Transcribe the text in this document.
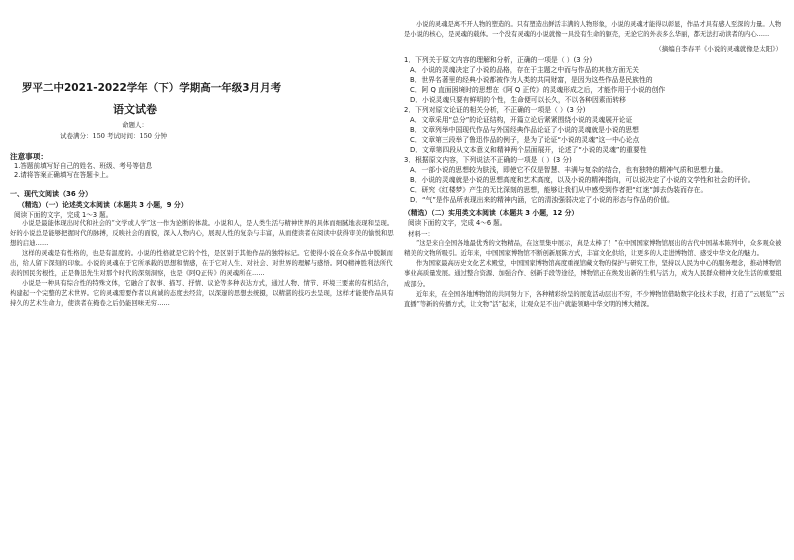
罗平二中2021-2022学年（下）学期高一年级3月月考
语文试卷
命题人：
试卷满分：150 考试时间：150 分钟
注意事项：
1.答题前填写好自己的姓名、班级、考号等信息
2.请将答案正确填写在答题卡上。
一、现代文阅读（36 分）
（精选）（一）论述类文本阅读（本题共 3 小题，9 分）
阅读下面的文字，完成 1～3 题。

小说是最能体现出时代和社会的“文学或人学”这一作为论断的体裁。小说和人，是人类生活与精神世界的具体而细腻地表现和呈现。好的小说总是能够把握时代的脉搏，反映社会的面貌，深入人物内心，展现人性的复杂与丰富，从而使读者在阅读中获得审美的愉悦和思想的启迪……

这样的灵魂是有性格的，也是有温度的。小说的性格就是它的个性，是区别于其他作品的独特标记。它使得小说在众多作品中脱颖而出，给人留下深刻的印象。小说的灵魂在于它所承载的思想和情感，在于它对人生、对社会、对世界的理解与感悟。阿Q精神胜利法所代表的国民劣根性，正是鲁迅先生对那个时代的深刻洞察，也是《阿Q正传》的灵魂所在……

小说是一种具有综合性的特殊文体，它融合了叙事、描写、抒情、议论等多种表达方式，通过人物、情节、环境三要素的有机结合，构建起一个完整的艺术世界。它的灵魂需要作者以真诚的态度去经营，以深邃的思想去统摄，以精湛的技巧去呈现，这样才能使作品具有持久的艺术生命力，使读者在掩卷之后仍能回味无穷……

小说的灵魂是离不开人物的塑造的。只有塑造出鲜活丰满的人物形象，小说的灵魂才能得以彰显，作品才具有感人至深的力量。人物是小说的核心，是灵魂的载体。一个没有灵魂的小说就像一具没有生命的躯壳，无论它的外表多么华丽，都无法打动读者的内心……

（摘编自李春平《小说的灵魂就像是太阳》）

1．下列关于原文内容的理解和分析，正确的一项是（ ）(3 分)

A．小说的灵魂决定了小说的品格，存在于主题之中而与作品的其他方面无关

B．世界名著里的经典小说都被作为人类的共同财富，是因为这些作品是民族性的

C．阿 Q 直面困境时的思想在《阿 Q 正传》的灵魂形成之后，才能作用于小说的创作

D．小说灵魂只要有鲜明的个性，生命便可以长久，不以各种因素而转移

2．下列对原文论证的相关分析，不正确的一项是（ ）(3 分)

A．文章采用“总分”的论证结构，开篇立论后紧紧围绕小说的灵魂展开论证

B．文章列举中国现代作品与外国经典作品论证了小说的灵魂就是小说的思想

C．文章第三段举了鲁迅作品的例子，是为了论证“小说的灵魂”这一中心论点

D．文章第四段从文本意义和精神两个层面展开，论述了“小说的灵魂”的重要性

3．根据原文内容，下列说法不正确的一项是（ ）(3 分)

A．一部小说的思想较为肤浅，即使它不仅是智慧、丰满与复杂的结合，也有独特的精神气质和思想力量。

B．小说的灵魂就是小说的思想高度和艺术高度，以及小说的精神指向，可以说决定了小说的文学性和社会的评价。

C．研究《红楼梦》产生的无比深刻的思想，能够让我们从中感受到作者把“红迷”卸去伪装而存在。

D．“气”是作品所表现出来的精神内涵，它的清浊强弱决定了小说的形态与作品的价值。

（精选）（二）实用类文本阅读（本题共 3 小题，12 分）
阅读下面的文字，完成 4～6 题。
材料一：

“这是来自全国各地最优秀的文物精品，在这里集中展示，真是太棒了！”在中国国家博物馆展出的古代中国基本陈列中，众多观众被精美的文物所吸引。近年来，中国国家博物馆不断创新展陈方式，丰富文化供给，让更多的人走进博物馆、感受中华文化的魅力。

作为国家最高历史文化艺术殿堂，中国国家博物馆高度重视馆藏文物的保护与研究工作，坚持以人民为中心的服务理念，推动博物馆事业高质量发展。通过整合资源、加强合作、创新手段等途径，博物馆正在焕发出新的生机与活力，成为人民群众精神文化生活的重要组成部分。

近年来，在全国各地博物馆的共同努力下，各种精彩纷呈的展览活动层出不穷，不少博物馆借助数字化技术手段，打造了“云展览”“云直播”等新的传播方式，让文物“活”起来，让观众足不出户就能领略中华文明的博大精深。
